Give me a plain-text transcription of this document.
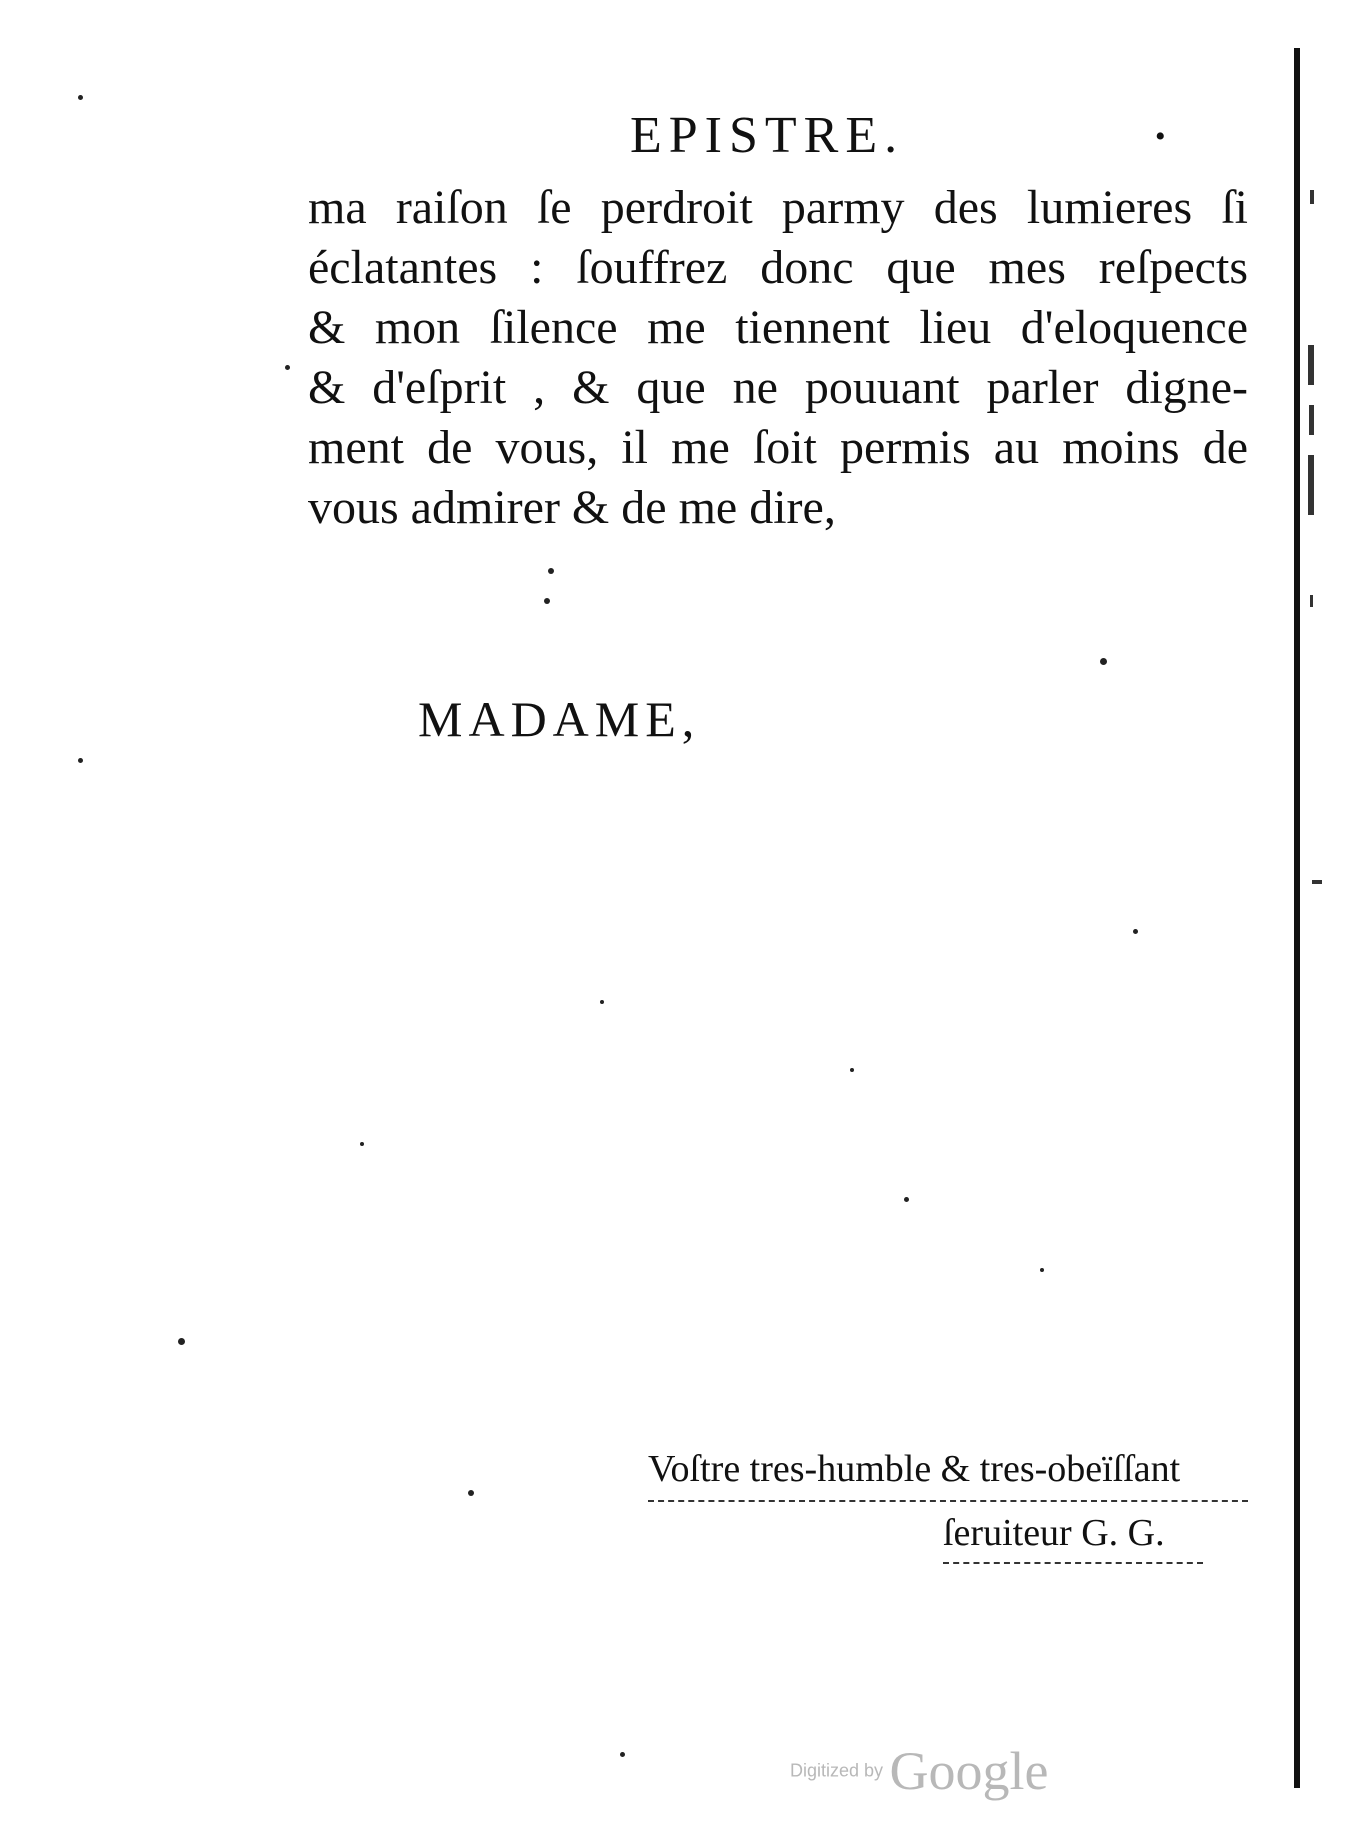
EPISTRE.	•
ma raiſon ſe perdroit parmy des lumieres ſi
éclatantes : ſouffrez donc que mes reſpects
& mon ſilence me tiennent lieu d'eloquence
& d'eſprit , & que ne pouuant parler digne-
ment de vous, il me ſoit permis au moins de
vous admirer & de me dire,
MADAME,
Voſtre tres-humble & tres-obeïſſant
ſeruiteur G. G.
Digitized by Google
